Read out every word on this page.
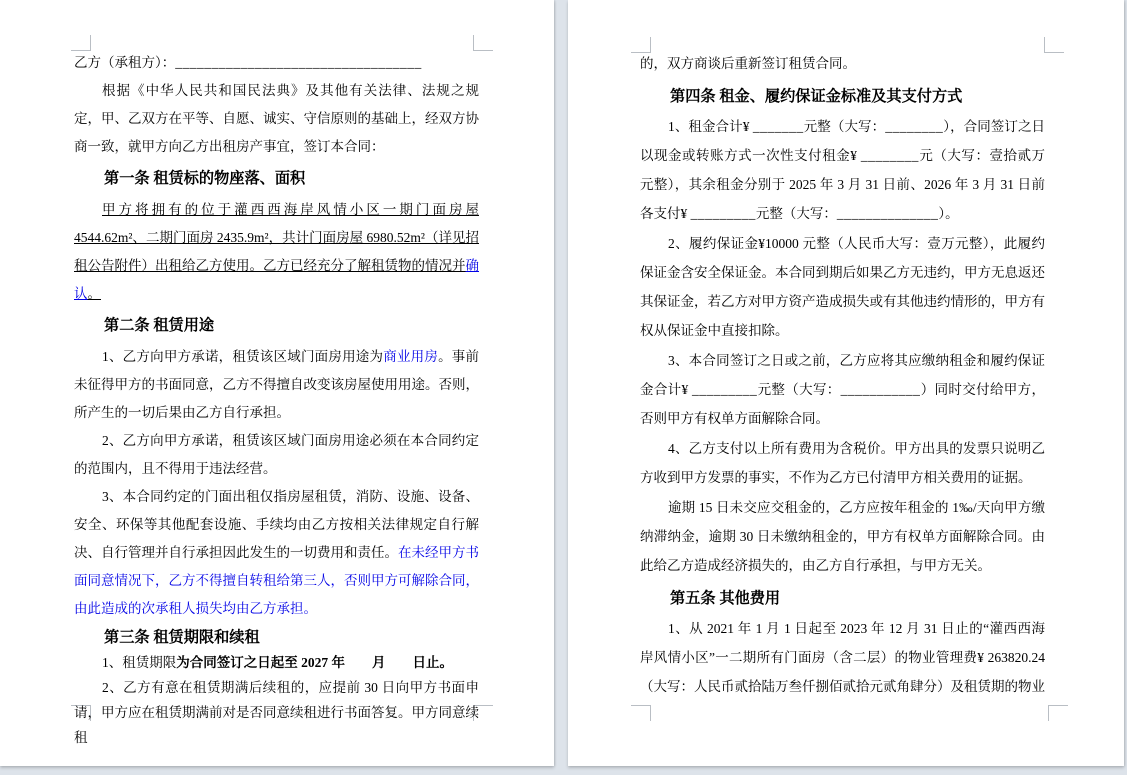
乙方（承租方）：__________________________________
根据《中华人民共和国民法典》及其他有关法律、法规之规定，甲、乙双方在平等、自愿、诚实、守信原则的基础上，经双方协商一致，就甲方向乙方出租房产事宜，签订本合同：
第一条 租赁标的物座落、面积
甲方将拥有的位于灌西西海岸风情小区一期门面房屋 4544.62m²、二期门面房 2435.9m²，共计门面房屋 6980.52m²（详见招租公告附件）出租给乙方使用。乙方已经充分了解租赁物的情况并确认。
第二条 租赁用途
1、乙方向甲方承诺，租赁该区域门面房用途为商业用房。事前未征得甲方的书面同意，乙方不得擅自改变该房屋使用用途。否则，所产生的一切后果由乙方自行承担。
2、乙方向甲方承诺，租赁该区域门面房用途必须在本合同约定的范围内，且不得用于违法经营。
3、本合同约定的门面出租仅指房屋租赁，消防、设施、设备、安全、环保等其他配套设施、手续均由乙方按相关法律规定自行解决、自行管理并自行承担因此发生的一切费用和责任。在未经甲方书面同意情况下，乙方不得擅自转租给第三人，否则甲方可解除合同，由此造成的次承租人损失均由乙方承担。
第三条 租赁期限和续租
1、租赁期限为合同签订之日起至 2027 年　　月　　日止。
2、乙方有意在租赁期满后续租的，应提前 30 日向甲方书面申请，甲方应在租赁期满前对是否同意续租进行书面答复。甲方同意续租
的，双方商谈后重新签订租赁合同。
第四条 租金、履约保证金标准及其支付方式
1、租金合计¥ _______元整（大写：________），合同签订之日以现金或转账方式一次性支付租金¥ ________元（大写：壹拾贰万元整），其余租金分别于 2025 年 3 月 31 日前、2026 年 3 月 31 日前各支付¥ _________元整（大写：______________）。
2、履约保证金¥10000 元整（人民币大写：壹万元整），此履约保证金含安全保证金。本合同到期后如果乙方无违约，甲方无息返还其保证金，若乙方对甲方资产造成损失或有其他违约情形的，甲方有权从保证金中直接扣除。
3、本合同签订之日或之前，乙方应将其应缴纳租金和履约保证金合计¥ _________元整（大写：___________）同时交付给甲方，否则甲方有权单方面解除合同。
4、乙方支付以上所有费用为含税价。甲方出具的发票只说明乙方收到甲方发票的事实，不作为乙方已付清甲方相关费用的证据。
逾期 15 日未交应交租金的，乙方应按年租金的 1‰/天向甲方缴纳滞纳金，逾期 30 日未缴纳租金的，甲方有权单方面解除合同。由此给乙方造成经济损失的，由乙方自行承担，与甲方无关。
第五条 其他费用
1、从 2021 年 1 月 1 日起至 2023 年 12 月 31 日止的“灌西西海岸风情小区”一二期所有门面房（含二层）的物业管理费¥ 263820.24（大写：人民币贰拾陆万叁仟捌佰贰拾元贰角肆分）及租赁期的物业
